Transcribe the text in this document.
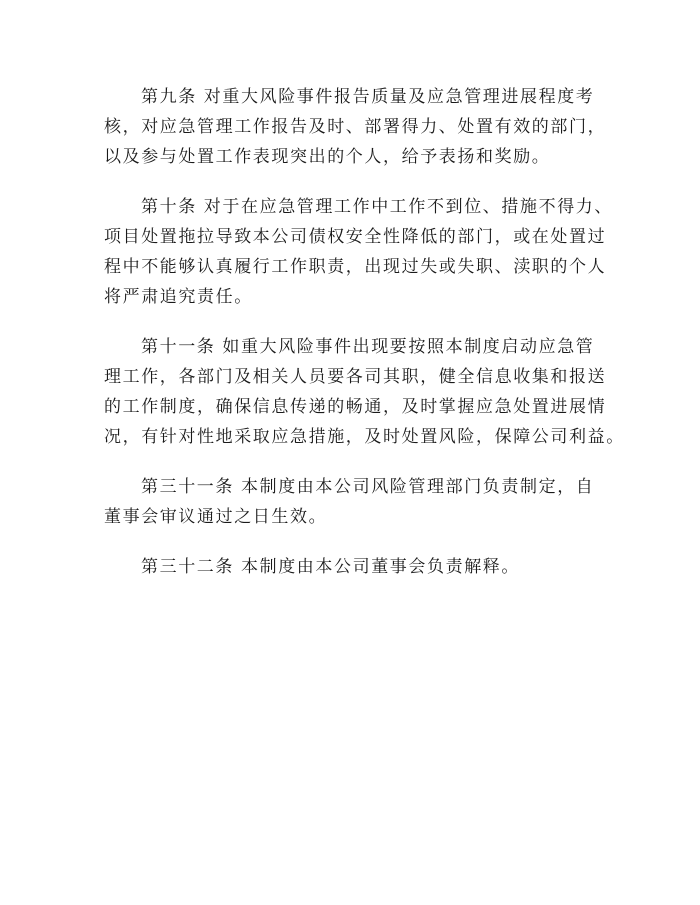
第九条 对重大风险事件报告质量及应急管理进展程度考
核，对应急管理工作报告及时、部署得力、处置有效的部门，
以及参与处置工作表现突出的个人，给予表扬和奖励。
第十条 对于在应急管理工作中工作不到位、措施不得力、
项目处置拖拉导致本公司债权安全性降低的部门，或在处置过
程中不能够认真履行工作职责，出现过失或失职、渎职的个人
将严肃追究责任。
第十一条 如重大风险事件出现要按照本制度启动应急管
理工作，各部门及相关人员要各司其职，健全信息收集和报送
的工作制度，确保信息传递的畅通，及时掌握应急处置进展情
况，有针对性地采取应急措施，及时处置风险，保障公司利益。
第三十一条 本制度由本公司风险管理部门负责制定，自
董事会审议通过之日生效。
第三十二条 本制度由本公司董事会负责解释。
